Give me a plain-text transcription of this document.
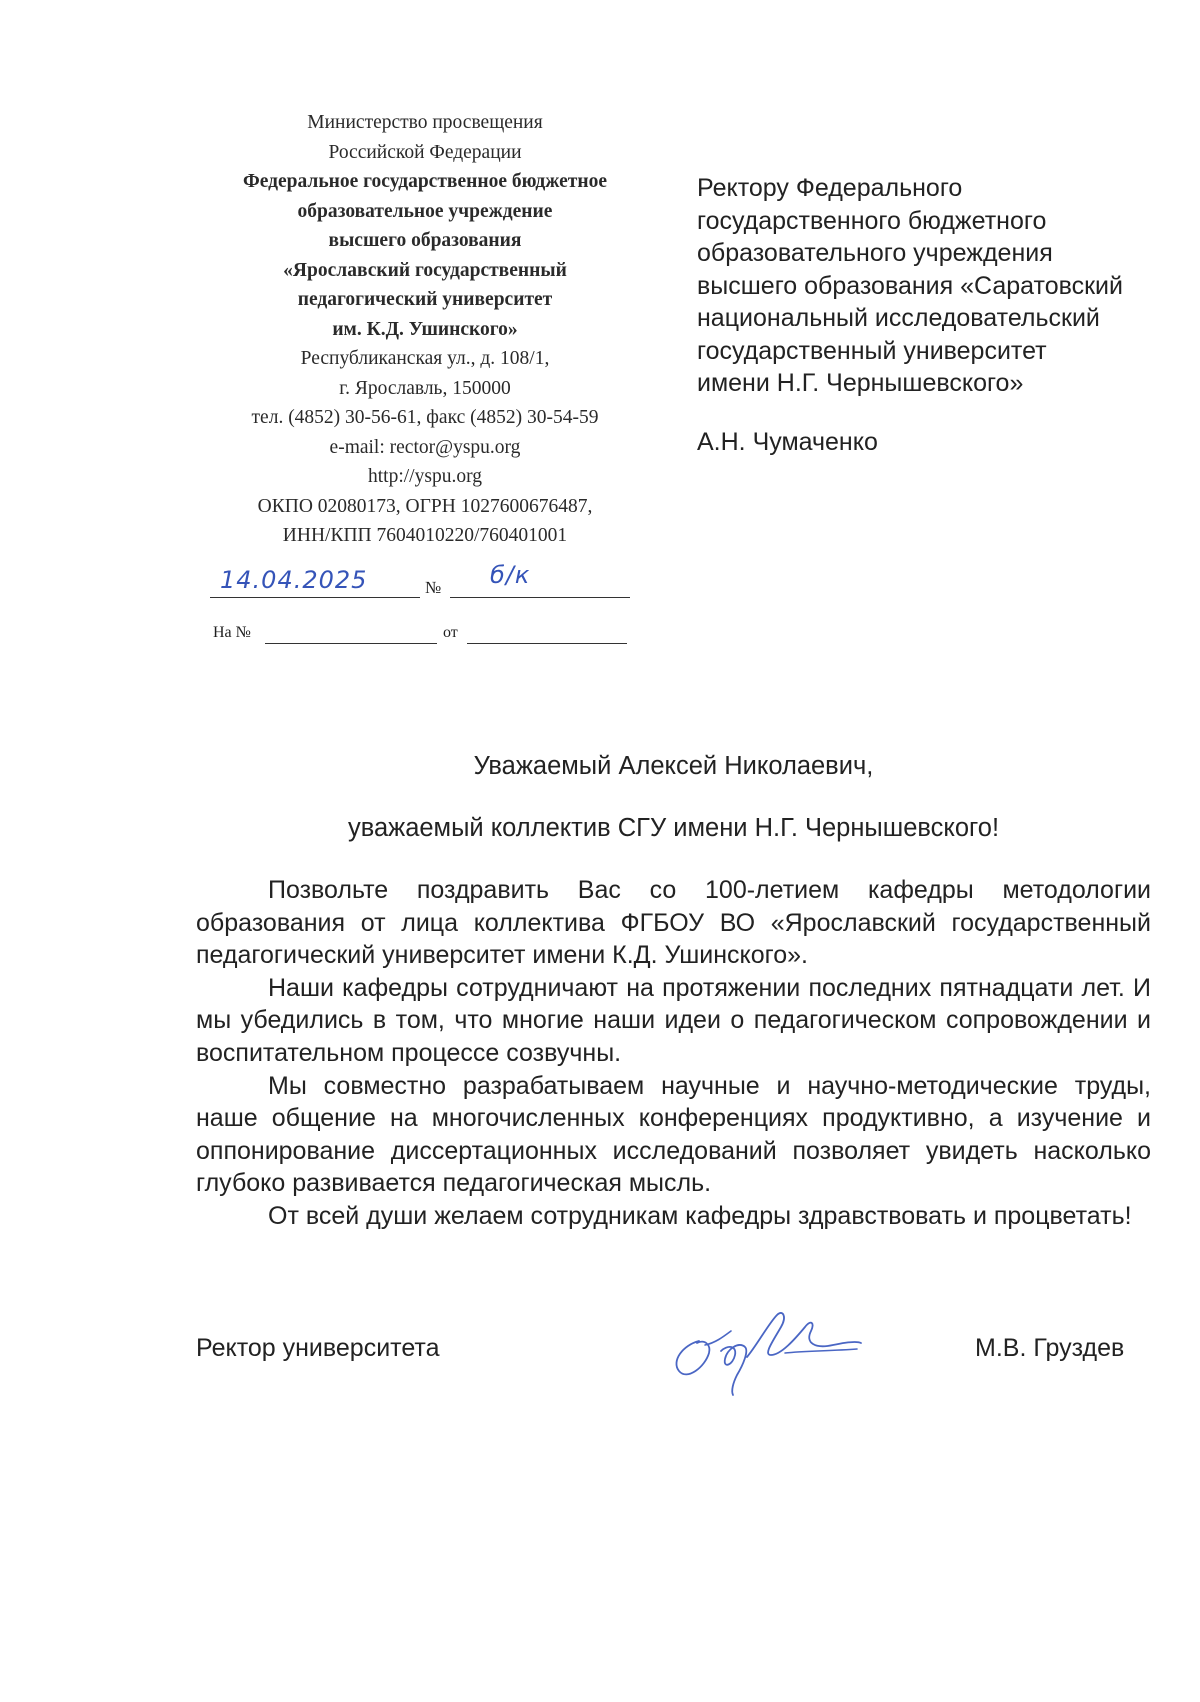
Министерство просвещения
Российской Федерации
Федеральное государственное бюджетное
образовательное учреждение
высшего образования
«Ярославский государственный
педагогический университет
им. К.Д. Ушинского»
Республиканская ул., д. 108/1,
г. Ярославль, 150000
тел. (4852) 30-56-61, факс (4852) 30-54-59
e-mail: rector@yspu.org
http://yspu.org
ОКПО 02080173, ОГРН 1027600676487,
ИНН/КПП 7604010220/760401001
14.04.2025	№ б/к
На №	от
Ректору Федерального
государственного бюджетного
образовательного учреждения
высшего образования «Саратовский
национальный исследовательский
государственный университет
имени Н.Г. Чернышевского»
А.Н. Чумаченко
Уважаемый Алексей Николаевич,
уважаемый коллектив СГУ имени Н.Г. Чернышевского!

Позвольте поздравить Вас со 100-летием кафедры методологии образования от лица коллектива ФГБОУ ВО «Ярославский государственный педагогический университет имени К.Д. Ушинского».

Наши кафедры сотрудничают на протяжении последних пятнадцати лет. И мы убедились в том, что многие наши идеи о педагогическом сопровождении и воспитательном процессе созвучны.

Мы совместно разрабатываем научные и научно-методические труды, наше общение на многочисленных конференциях продуктивно, а изучение и оппонирование диссертационных исследований позволяет увидеть насколько глубоко развивается педагогическая мысль.

От всей души желаем сотрудникам кафедры здравствовать и процветать!

Ректор университета	М.В. Груздев
